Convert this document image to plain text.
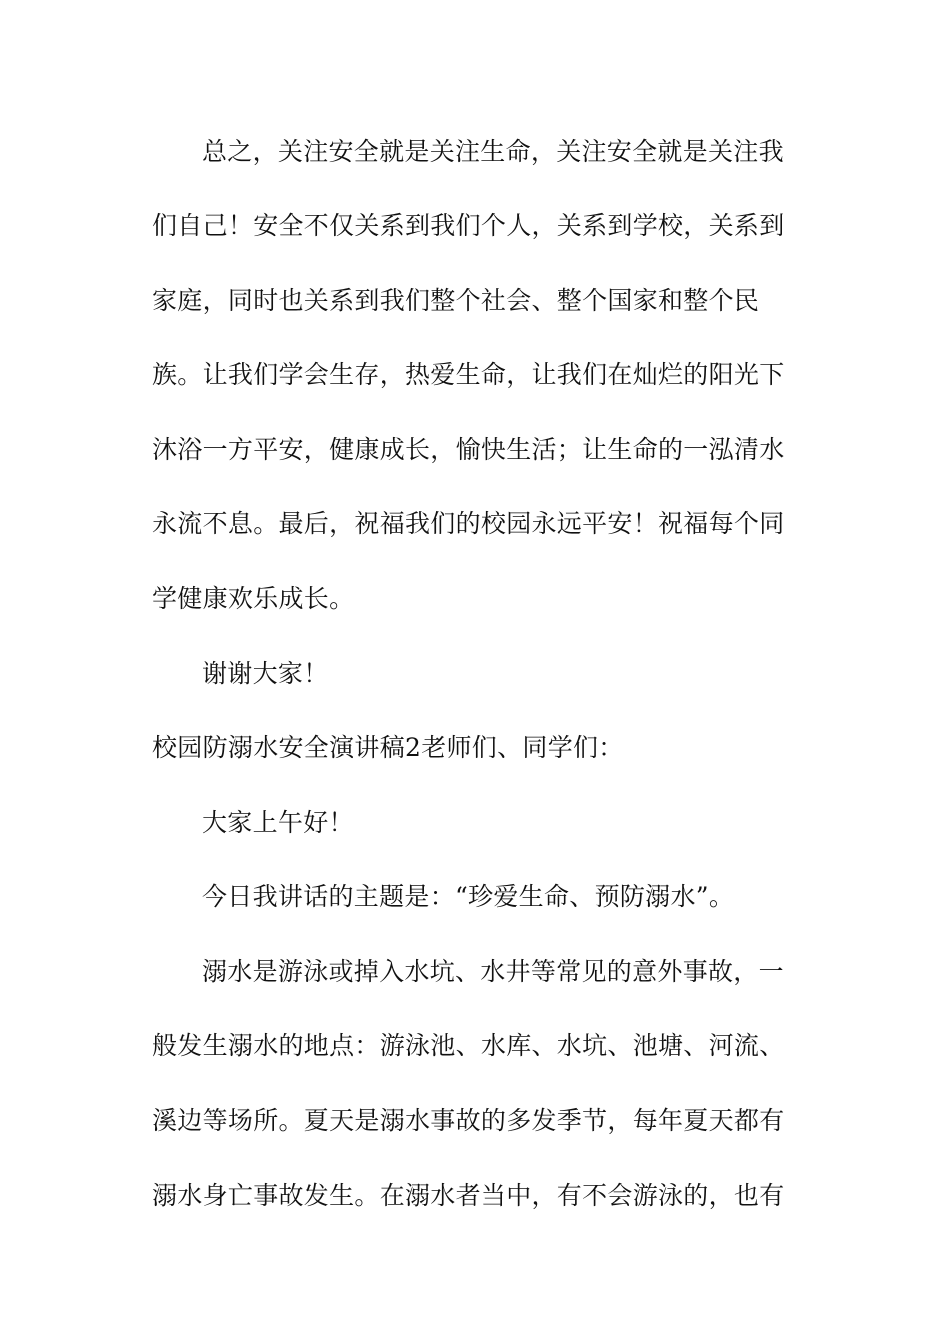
总之，关注安全就是关注生命，关注安全就是关注我
们自己！安全不仅关系到我们个人，关系到学校，关系到
家庭，同时也关系到我们整个社会、整个国家和整个民
族。让我们学会生存，热爱生命，让我们在灿烂的阳光下
沐浴一方平安，健康成长，愉快生活；让生命的一泓清水
永流不息。最后，祝福我们的校园永远平安！祝福每个同
学健康欢乐成长。
谢谢大家！
校园防溺水安全演讲稿2老师们、同学们：
大家上午好！
今日我讲话的主题是：“珍爱生命、预防溺水”。
溺水是游泳或掉入水坑、水井等常见的意外事故，一
般发生溺水的地点：游泳池、水库、水坑、池塘、河流、
溪边等场所。夏天是溺水事故的多发季节，每年夏天都有
溺水身亡事故发生。在溺水者当中，有不会游泳的，也有
